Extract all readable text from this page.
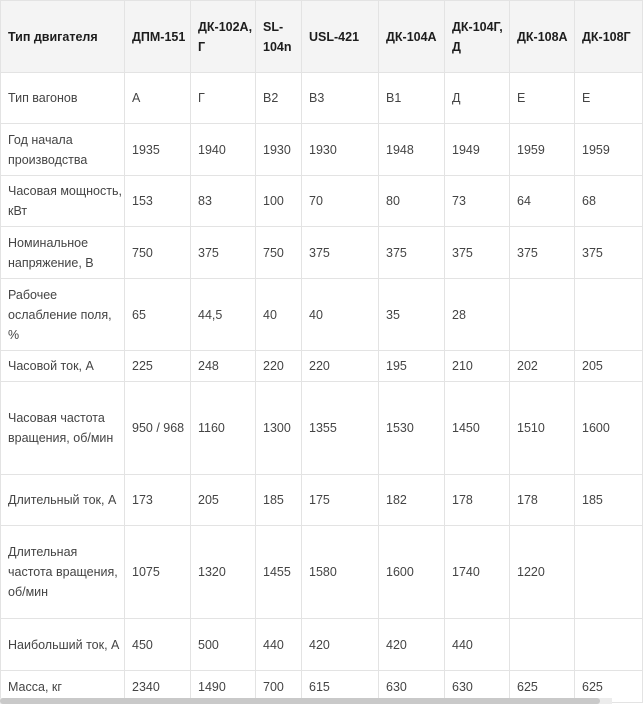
Тип двигателя	ДПМ-151	ДК-102А, Г	SL-104n	USL-421	ДК-104А	ДК-104Г, Д	ДК-108А	ДК-108Г
Тип вагонов	А	Г	В2	В3	В1	Д	Е	Е
Год начала производства	1935	1940	1930	1930	1948	1949	1959	1959
Часовая мощность, кВт	153	83	100	70	80	73	64	68
Номинальное напряжение, В	750	375	750	375	375	375	375	375
Рабочее ослабление поля, %	65	44,5	40	40	35	28		
Часовой ток, А	225	248	220	220	195	210	202	205
Часовая частота вращения, об/мин	950 / 968	1160	1300	1355	1530	1450	1510	1600
Длительный ток, А	173	205	185	175	182	178	178	185
Длительная частота вращения, об/мин	1075	1320	1455	1580	1600	1740	1220	
Наибольший ток, А	450	500	440	420	420	440		
Масса, кг	2340	1490	700	615	630	630	625	625
